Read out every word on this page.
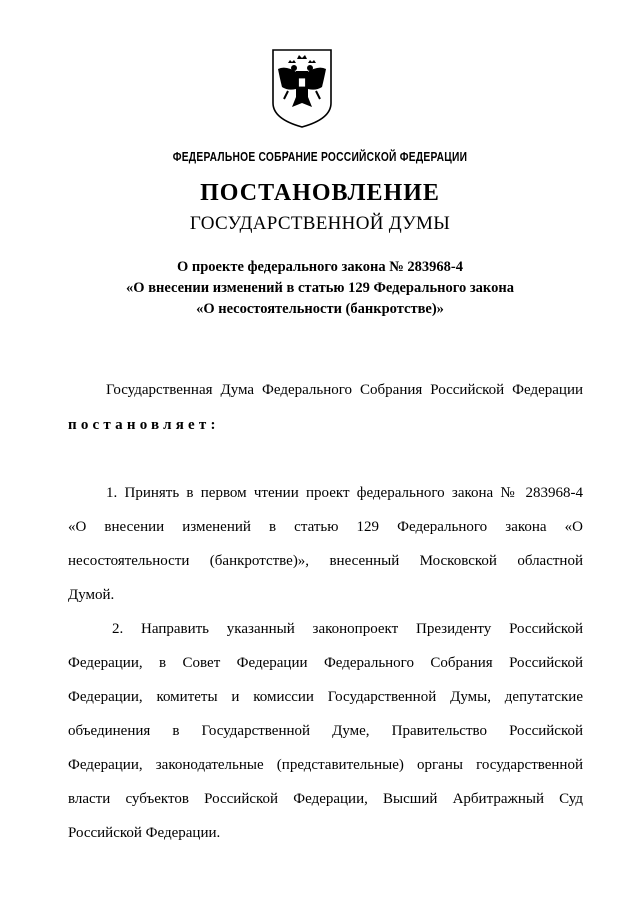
ФЕДЕРАЛЬНОЕ СОБРАНИЕ РОССИЙСКОЙ ФЕДЕРАЦИИ
ПОСТАНОВЛЕНИЕ
ГОСУДАРСТВЕННОЙ ДУМЫ
О проекте федерального закона № 283968-4
«О внесении изменений в статью 129 Федерального закона
«О несостоятельности (банкротстве)»
Государственная Дума Федерального Собрания Российской Федерации
постановляет:
1. Принять в первом чтении проект федерального закона № 283968-4
«О внесении изменений в статью 129 Федерального закона «О
несостоятельности (банкротстве)», внесенный Московской областной
Думой.
2. Направить указанный законопроект Президенту Российской
Федерации, в Совет Федерации Федерального Собрания Российской
Федерации, комитеты и комиссии Государственной Думы, депутатские
объединения в Государственной Думе, Правительство Российской
Федерации, законодательные (представительные) органы государственной
власти субъектов Российской Федерации, Высший Арбитражный Суд
Российской Федерации.
